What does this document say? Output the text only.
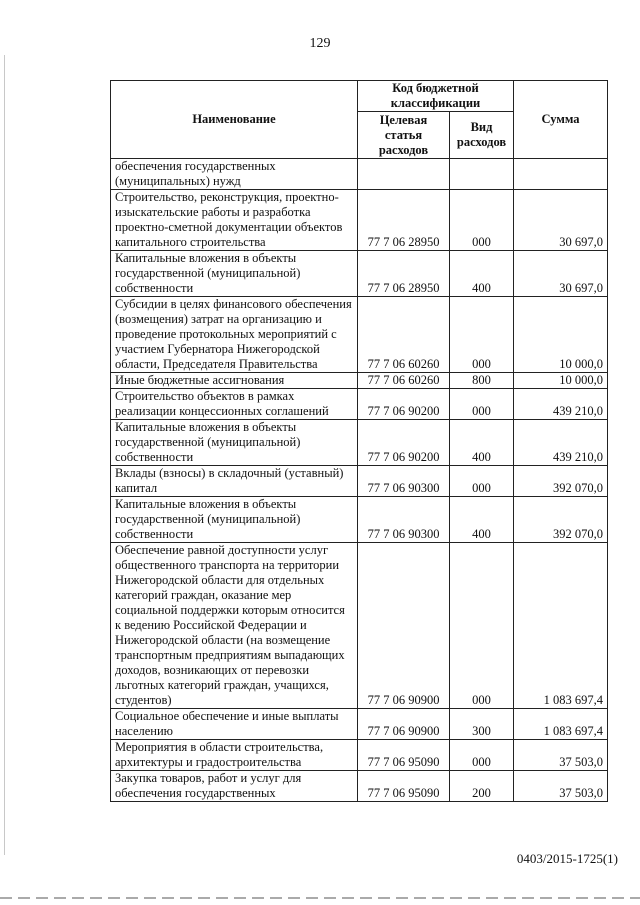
129
Наименование	Код бюджетной классификации		Сумма
	Целевая статья расходов	Вид расходов	
обеспечения государственных (муниципальных) нужд			
Строительство, реконструкция, проектно-изыскательские работы и разработка проектно-сметной документации объектов капитального строительства	77 7 06 28950	000	30 697,0
Капитальные вложения в объекты государственной (муниципальной) собственности	77 7 06 28950	400	30 697,0
Субсидии в целях финансового обеспечения (возмещения) затрат на организацию и проведение протокольных мероприятий с участием Губернатора Нижегородской области, Председателя Правительства	77 7 06 60260	000	10 000,0
Иные бюджетные ассигнования	77 7 06 60260	800	10 000,0
Строительство объектов в рамках реализации концессионных соглашений	77 7 06 90200	000	439 210,0
Капитальные вложения в объекты государственной (муниципальной) собственности	77 7 06 90200	400	439 210,0
Вклады (взносы) в складочный (уставный) капитал	77 7 06 90300	000	392 070,0
Капитальные вложения в объекты государственной (муниципальной) собственности	77 7 06 90300	400	392 070,0
Обеспечение равной доступности услуг общественного транспорта на территории Нижегородской области для отдельных категорий граждан, оказание мер социальной поддержки которым относится к ведению Российской Федерации и Нижегородской области (на возмещение транспортным предприятиям выпадающих доходов, возникающих от перевозки льготных категорий граждан, учащихся, студентов)	77 7 06 90900	000	1 083 697,4
Социальное обеспечение и иные выплаты населению	77 7 06 90900	300	1 083 697,4
Мероприятия в области строительства, архитектуры и градостроительства	77 7 06 95090	000	37 503,0
Закупка товаров, работ и услуг для обеспечения государственных	77 7 06 95090	200	37 503,0
0403/2015-1725(1)
